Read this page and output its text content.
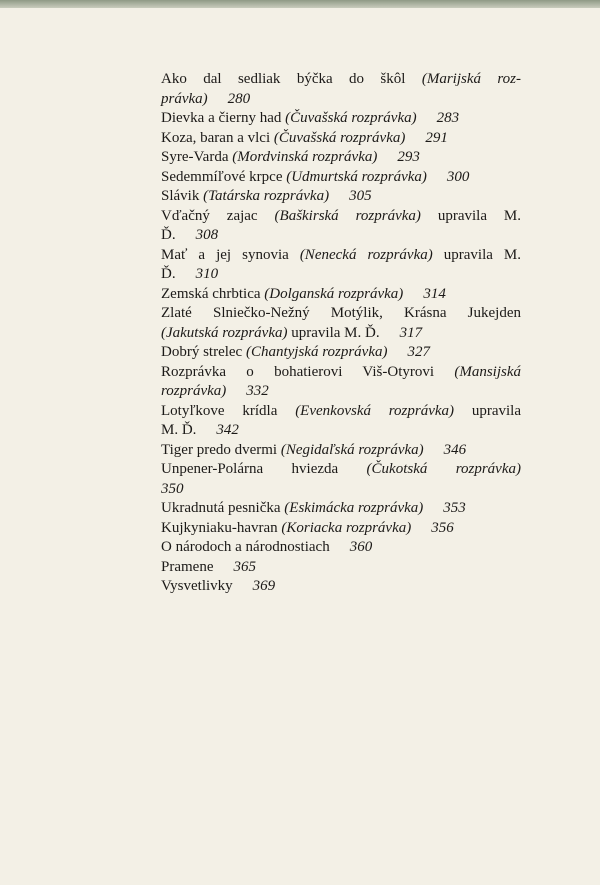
Ako dal sedliak býčka do škôl (Marijská roz-
právka) 280
Dievka a čierny had (Čuvašská rozprávka) 283
Koza, baran a vlci (Čuvašská rozprávka) 291
Syre-Varda (Mordvinská rozprávka) 293
Sedemmíľové krpce (Udmurtská rozprávka) 300
Slávik (Tatárska rozprávka) 305
Vďačný zajac (Baškirská rozprávka) upravila M.
Ď. 308
Mať a jej synovia (Nenecká rozprávka) upravila M.
Ď. 310
Zemská chrbtica (Dolganská rozprávka) 314
Zlaté Slniečko-Nežný Motýlik, Krásna Jukejden
(Jakutská rozprávka) upravila M. Ď. 317
Dobrý strelec (Chantyjská rozprávka) 327
Rozprávka o bohatierovi Viš-Otyrovi (Mansijská
rozprávka) 332
Lotyľkove krídla (Evenkovská rozprávka) upravila
M. Ď. 342
Tiger predo dvermi (Negidaľská rozprávka) 346
Unpener-Polárna hviezda (Čukotská rozprávka)
350
Ukradnutá pesnička (Eskimácka rozprávka) 353
Kujkyniaku-havran (Koriacka rozprávka) 356
O národoch a národnostiach 360
Pramene 365
Vysvetlivky 369
